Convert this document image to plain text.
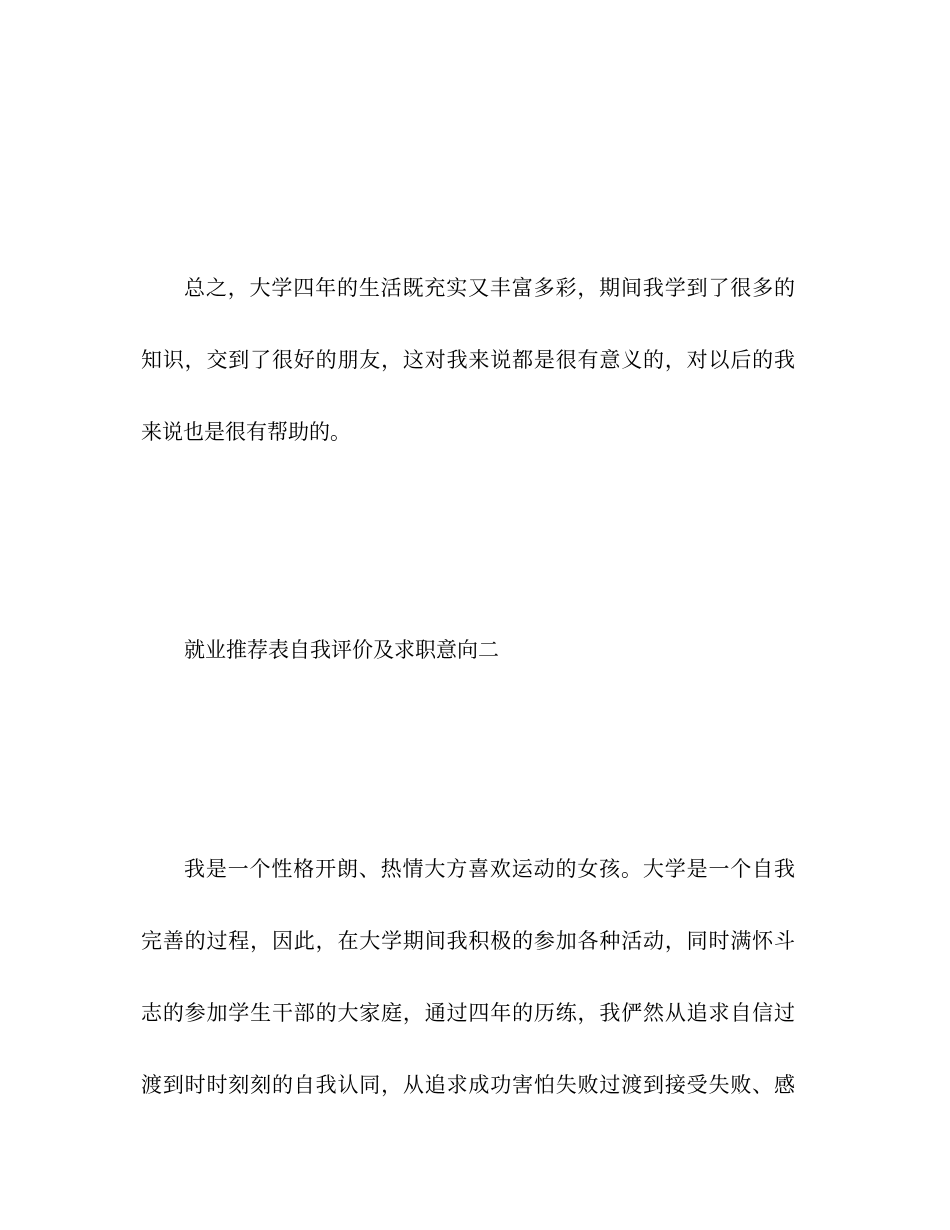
总之，大学四年的生活既充实又丰富多彩，期间我学到了很多的
知识，交到了很好的朋友，这对我来说都是很有意义的，对以后的我
来说也是很有帮助的。
就业推荐表自我评价及求职意向二
我是一个性格开朗、热情大方喜欢运动的女孩。大学是一个自我
完善的过程，因此，在大学期间我积极的参加各种活动，同时满怀斗
志的参加学生干部的大家庭，通过四年的历练，我俨然从追求自信过
渡到时时刻刻的自我认同，从追求成功害怕失败过渡到接受失败、感
